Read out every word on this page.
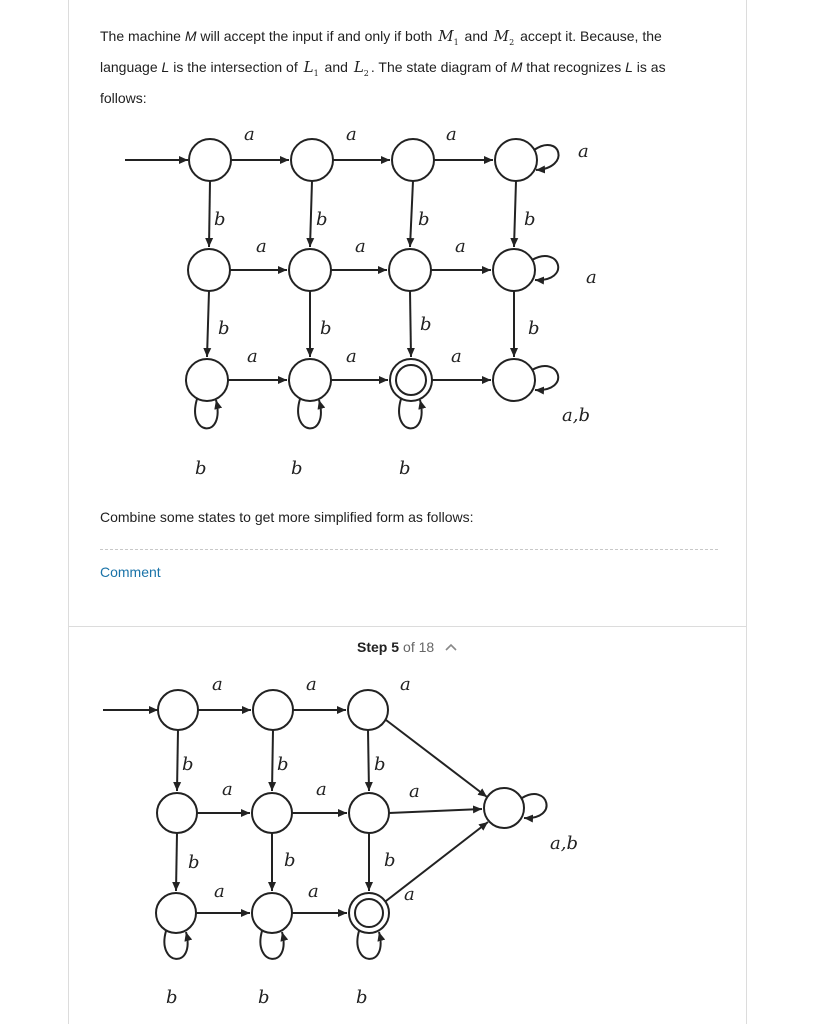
The machine M will accept the input if and only if both $M_1$ and $M_2$ accept it. Because, the language L is the intersection of $L_1$ and $L_2$ . The state diagram of M that recognizes L is as follows:
a	a	a
a
b	b	b	b
a	a	a
a
b	b	b	b
a	a	a
a,b
b	b	b
Combine some states to get more simplified form as follows:
Comment
Step
5 of 18
a	a	a
b	b	b
a	a	a
a,b
b	b	b
a	a	a
b	b	b
